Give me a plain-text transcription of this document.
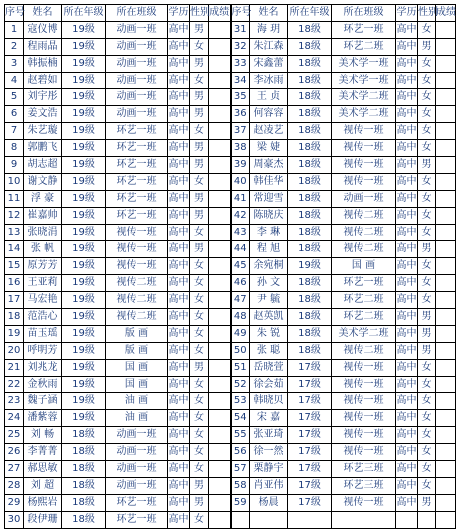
序号	姓名	所在年级	所在班级	学历	性别	成绩	序号	姓名	所在年级	所在班级	学历	性别	成绩
1	寇仪博	19级	动画一班	高中	男		31	海 玥	18级	环艺一班	高中	女	
2	程雨晶	19级	动画一班	高中	女		32	朱江森	18级	环艺二班	高中	男	
3	韩振楠	19级	动画一班	高中	男		33	宋鑫蕾	18级	美术学一班	高中	女	
4	赵碧如	19级	动画一班	高中	女		34	李冰雨	18级	美术学一班	高中	女	
5	刘宇彤	19级	动画一班	高中	男		35	王 贞	18级	美术学二班	高中	女	
6	姜文浩	19级	动画一班	高中	男		36	何容容	18级	美术学二班	高中	女	
7	朱艺璇	19级	环艺一班	高中	女		37	赵凌艺	18级	视传一班	高中	女	
8	郭鹏飞	19级	环艺一班	高中	男		38	梁 婕	18级	视传一班	高中	女	
9	胡志超	19级	环艺一班	高中	男		39	周豪杰	18级	视传一班	高中	男	
10	谢文静	19级	环艺一班	高中	女		40	韩佳华	18级	视传一班	高中	女	
11	浮 豪	19级	环艺一班	高中	男		41	常迎雪	18级	动画一班	高中	女	
12	崔嘉帅	19级	环艺一班	高中	男		42	陈晓庆	18级	视传二班	高中	女	
13	张晓涓	19级	视传一班	高中	女		43	李 琳	18级	视传二班	高中	女	
14	张 帆	19级	视传一班	高中	男		44	程 旭	18级	视传二班	高中	男	
15	原芳芳	19级	视传一班	高中	女		45	余宛桐	19级	国 画	高中	女	
16	王亚莉	19级	视传二班	高中	女		46	孙 文	18级	环艺一班	高中	女	
17	马宏艳	19级	视传二班	高中	女		47	尹 毓	18级	环艺二班	高中	女	
18	范浩心	19级	视传二班	高中	女		48	赵英凯	18级	环艺二班	高中	男	
19	苗玉瑶	19级	版 画	高中	女		49	朱 锐	18级	美术学二班	高中	男	
20	呼明芳	19级	版 画	高中	女		50	张 聪	18级	视传二班	高中	男	
21	刘兆龙	19级	国 画	高中	男		51	岳晓萱	17级	视传一班	高中	女	
22	金秋雨	19级	国 画	高中	女		52	徐会茹	17级	视传一班	高中	女	
23	魏子涵	19级	油 画	高中	女		53	韩晓贝	17级	视传一班	高中	女	
24	潘紫蓉	19级	油 画	高中	女		54	宋 嘉	17级	视传一班	高中	女	
25	刘 畅	18级	动画一班	高中	女		55	张亚琦	17级	视传一班	高中	女	
26	李菁菁	18级	动画一班	高中	女		56	徐一然	17级	视传一班	高中	女	
27	郝思敏	18级	动画一班	高中	女		57	栗静宇	17级	环艺三班	高中	女	
28	刘 超	18级	动画一班	高中	男		58	肖亚伟	17级	环艺三班	高中	女	
29	杨熙岩	18级	环艺一班	高中	男		59	杨晨	17级	视传一班	高中	男	
30	段伊珊	18级	环艺一班	高中	女								
